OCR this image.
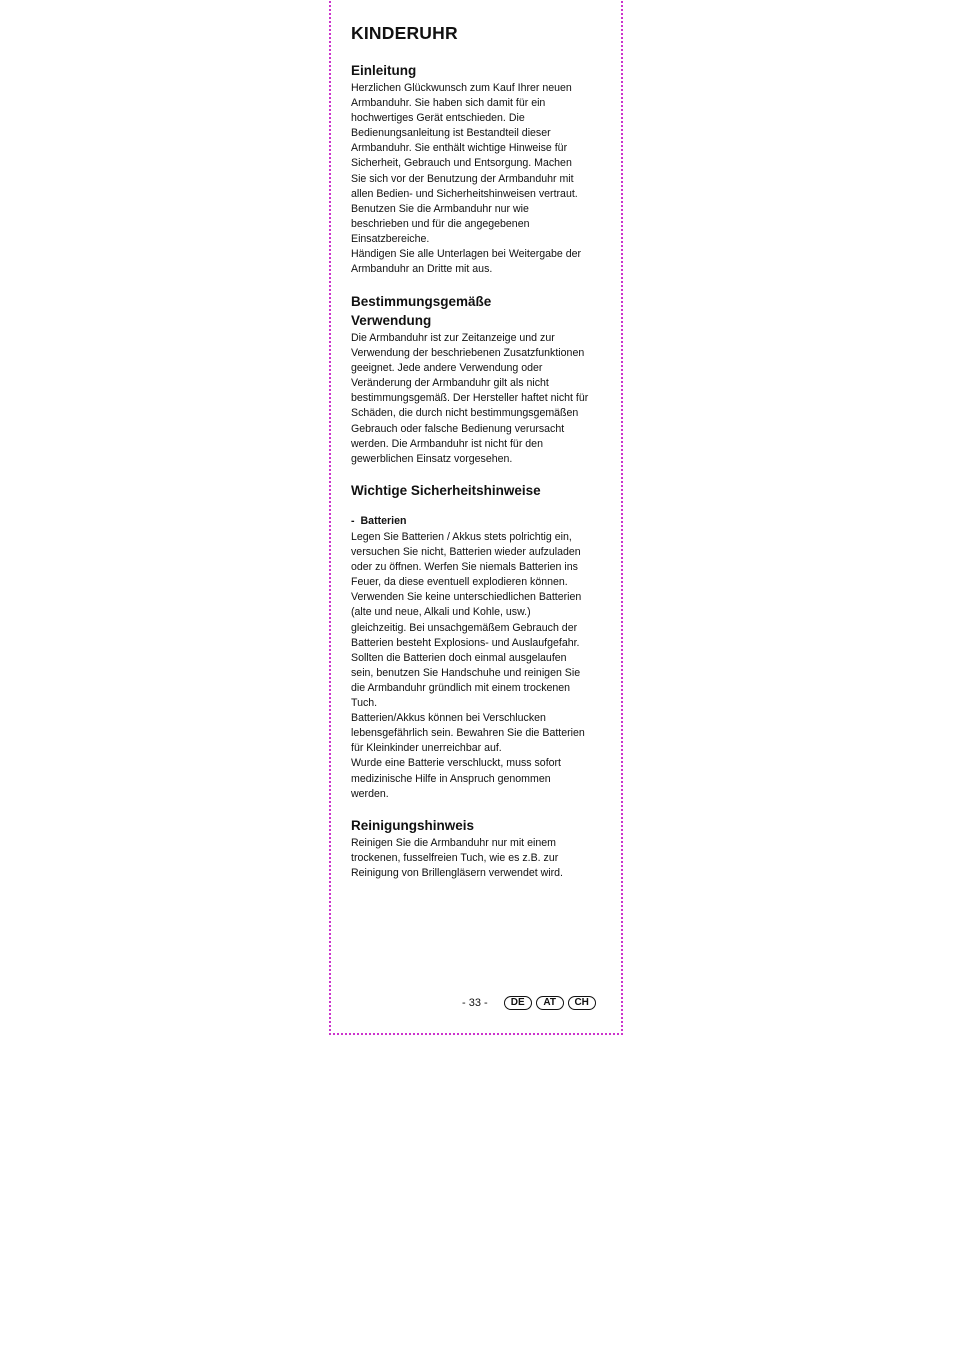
KINDERUHR
Einleitung

Herzlichen Glückwunsch zum Kauf Ihrer neuen
Armbanduhr. Sie haben sich damit für ein
hochwertiges Gerät entschieden. Die
Bedienungsanleitung ist Bestandteil dieser
Armbanduhr. Sie enthält wichtige Hinweise für
Sicherheit, Gebrauch und Entsorgung. Machen
Sie sich vor der Benutzung der Armbanduhr mit
allen Bedien- und Sicherheitshinweisen vertraut.
Benutzen Sie die Armbanduhr nur wie
beschrieben und für die angegebenen
Einsatzbereiche.
Händigen Sie alle Unterlagen bei Weitergabe der
Armbanduhr an Dritte mit aus.

Bestimmungsgemäße Verwendung

Die Armbanduhr ist zur Zeitanzeige und zur
Verwendung der beschriebenen Zusatzfunktionen
geeignet. Jede andere Verwendung oder
Veränderung der Armbanduhr gilt als nicht
bestimmungsgemäß. Der Hersteller haftet nicht für
Schäden, die durch nicht bestimmungsgemäßen
Gebrauch oder falsche Bedienung verursacht
werden. Die Armbanduhr ist nicht für den
gewerblichen Einsatz vorgesehen.

Wichtige Sicherheitshinweise

- Batterien

Legen Sie Batterien / Akkus stets polrichtig ein,
versuchen Sie nicht, Batterien wieder aufzuladen
oder zu öffnen. Werfen Sie niemals Batterien ins
Feuer, da diese eventuell explodieren können.
Verwenden Sie keine unterschiedlichen Batterien
(alte und neue, Alkali und Kohle, usw.)
gleichzeitig. Bei unsachgemäßem Gebrauch der
Batterien besteht Explosions- und Auslaufgefahr.
Sollten die Batterien doch einmal ausgelaufen
sein, benutzen Sie Handschuhe und reinigen Sie
die Armbanduhr gründlich mit einem trockenen
Tuch.
Batterien/Akkus können bei Verschlucken
lebensgefährlich sein. Bewahren Sie die Batterien
für Kleinkinder unerreichbar auf.
Wurde eine Batterie verschluckt, muss sofort
medizinische Hilfe in Anspruch genommen
werden.

Reinigungshinweis

Reinigen Sie die Armbanduhr nur mit einem
trockenen, fusselfreien Tuch, wie es z.B. zur
Reinigung von Brillengläsern verwendet wird.

- 33 -	DE	AT	CH
